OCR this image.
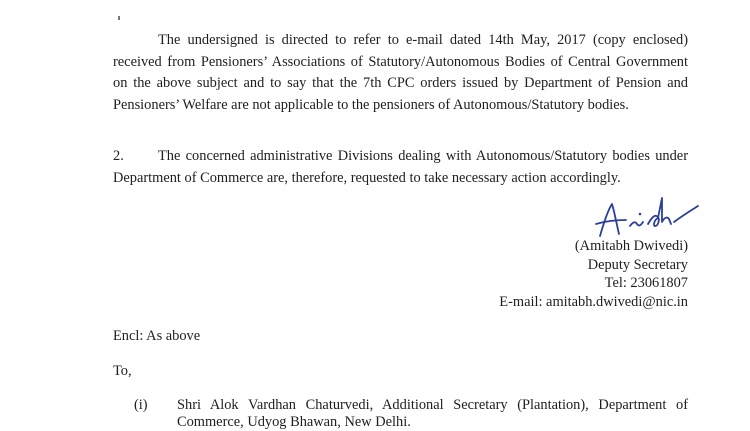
The undersigned is directed to refer to e-mail dated 14th May, 2017 (copy enclosed) received from Pensioners’ Associations of Statutory/Autonomous Bodies of Central Government on the above subject and to say that the 7th CPC orders issued by Department of Pension and Pensioners’ Welfare are not applicable to the pensioners of Autonomous/Statutory bodies.

2. The concerned administrative Divisions dealing with Autonomous/Statutory bodies under Department of Commerce are, therefore, requested to take necessary action accordingly.

(Amitabh Dwivedi)
Deputy Secretary
Tel: 23061807
E-mail: amitabh.dwivedi@nic.in
Encl: As above
To,
(i) Shri Alok Vardhan Chaturvedi, Additional Secretary (Plantation), Department of Commerce, Udyog Bhawan, New Delhi.
